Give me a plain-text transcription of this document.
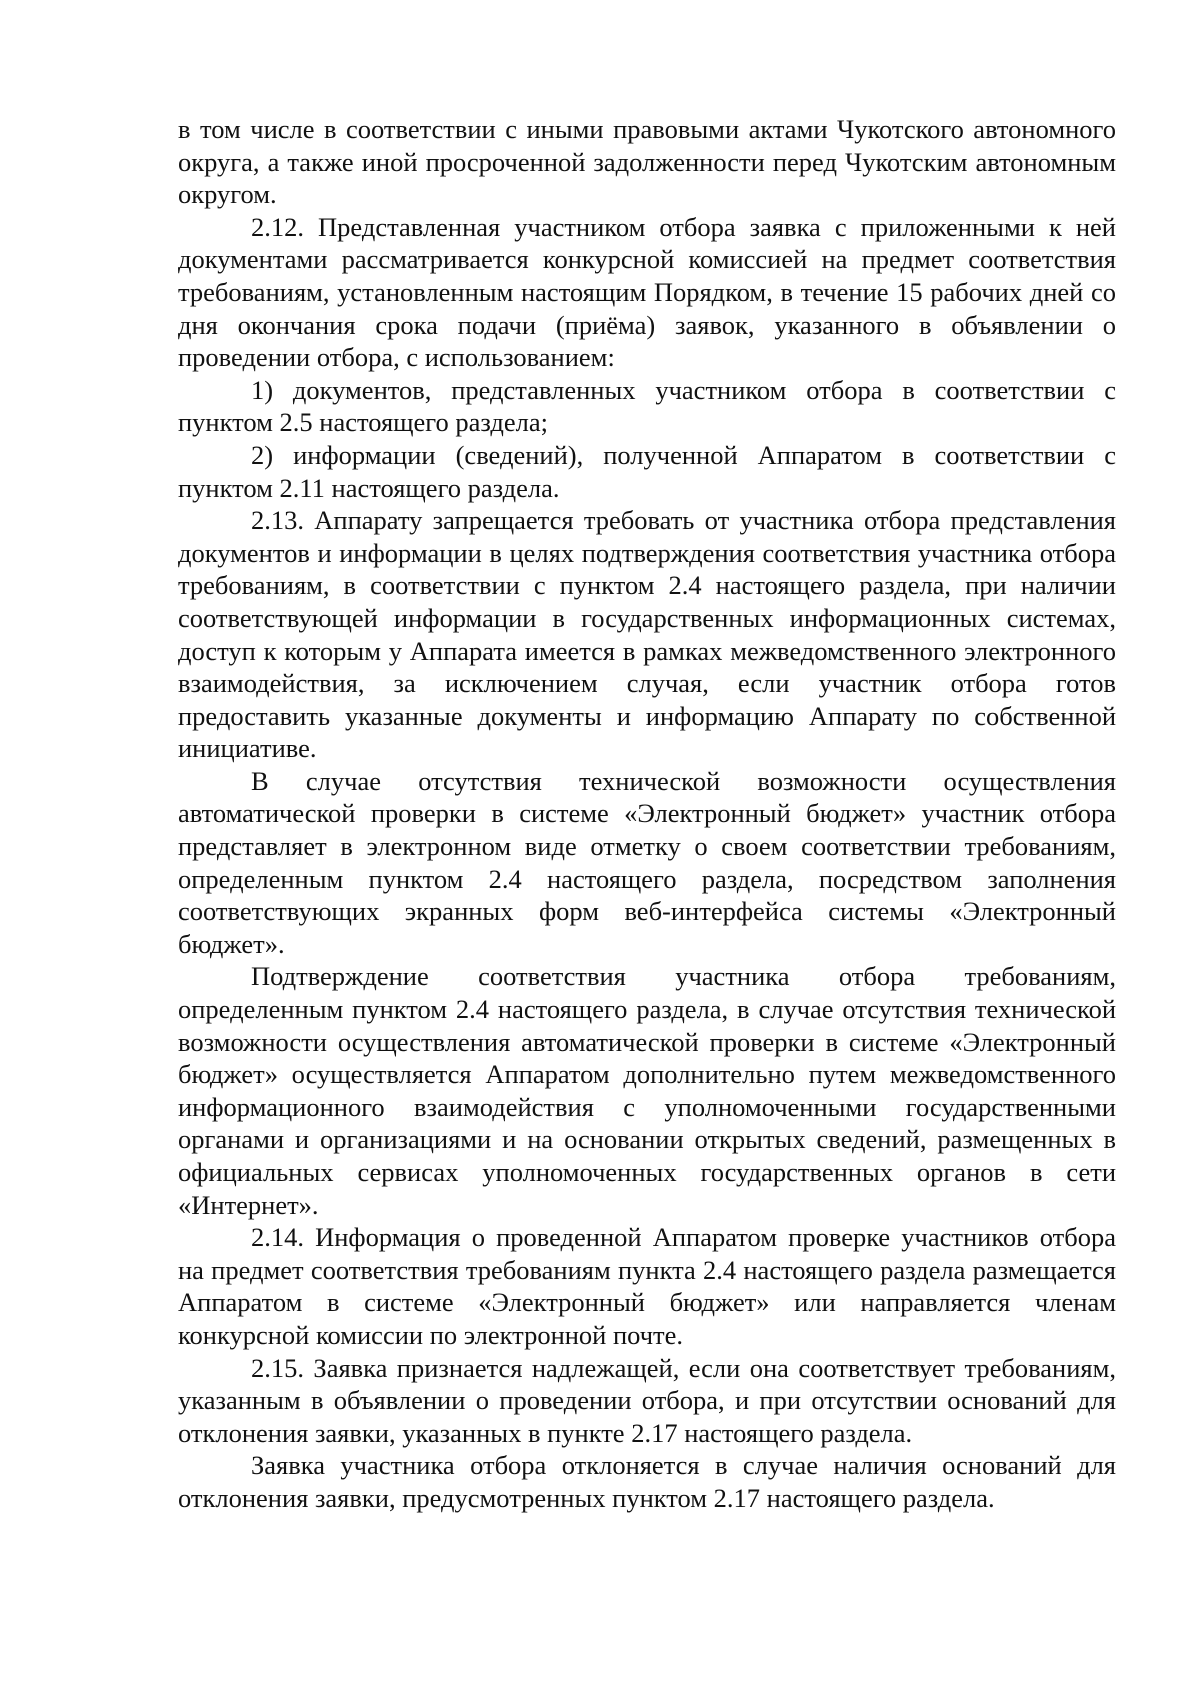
в том числе в соответствии с иными правовыми актами Чукотского автономного округа, а также иной просроченной задолженности перед Чукотским автономным округом.

2.12. Представленная участником отбора заявка с приложенными к ней документами рассматривается конкурсной комиссией на предмет соответствия требованиям, установленным настоящим Порядком, в течение 15 рабочих дней со дня окончания срока подачи (приёма) заявок, указанного в объявлении о проведении отбора, с использованием:

1) документов, представленных участником отбора в соответствии с пунктом 2.5 настоящего раздела;

2) информации (сведений), полученной Аппаратом в соответствии с пунктом 2.11 настоящего раздела.

2.13. Аппарату запрещается требовать от участника отбора представления документов и информации в целях подтверждения соответствия участника отбора требованиям, в соответствии с пунктом 2.4 настоящего раздела, при наличии соответствующей информации в государственных информационных системах, доступ к которым у Аппарата имеется в рамках межведомственного электронного взаимодействия, за исключением случая, если участник отбора готов предоставить указанные документы и информацию Аппарату по собственной инициативе.

В случае отсутствия технической возможности осуществления автоматической проверки в системе «Электронный бюджет» участник отбора представляет в электронном виде отметку о своем соответствии требованиям, определенным пунктом 2.4 настоящего раздела, посредством заполнения соответствующих экранных форм веб-интерфейса системы «Электронный бюджет».

Подтверждение соответствия участника отбора требованиям, определенным пунктом 2.4 настоящего раздела, в случае отсутствия технической возможности осуществления автоматической проверки в системе «Электронный бюджет» осуществляется Аппаратом дополнительно путем межведомственного информационного взаимодействия с уполномоченными государственными органами и организациями и на основании открытых сведений, размещенных в официальных сервисах уполномоченных государственных органов в сети «Интернет».

2.14. Информация о проведенной Аппаратом проверке участников отбора на предмет соответствия требованиям пункта 2.4 настоящего раздела размещается Аппаратом в системе «Электронный бюджет» или направляется членам конкурсной комиссии по электронной почте.

2.15. Заявка признается надлежащей, если она соответствует требованиям, указанным в объявлении о проведении отбора, и при отсутствии оснований для отклонения заявки, указанных в пункте 2.17 настоящего раздела.

Заявка участника отбора отклоняется в случае наличия оснований для отклонения заявки, предусмотренных пунктом 2.17 настоящего раздела.
